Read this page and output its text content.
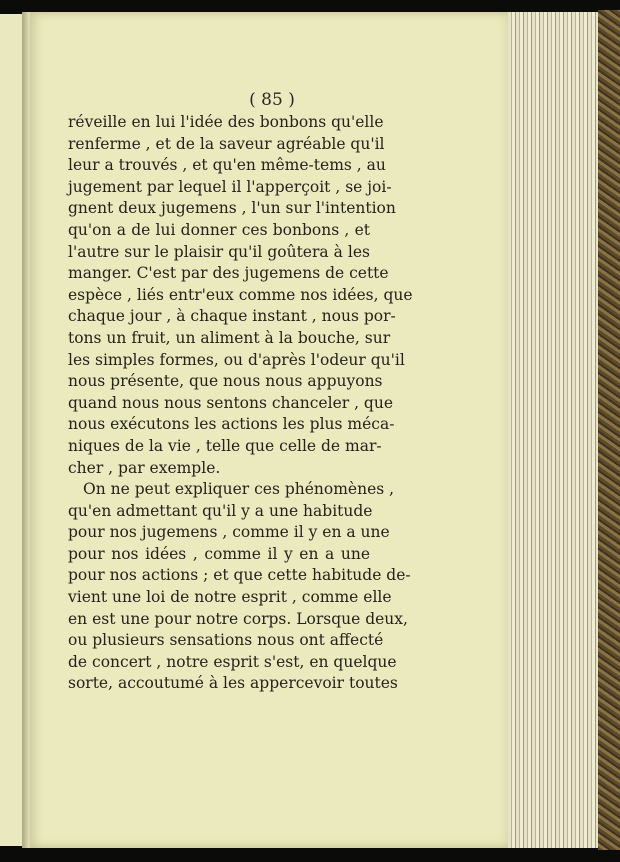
( 85 )
réveille en lui l'idée des bonbons qu'elle
renferme , et de la saveur agréable qu'il
leur a trouvés , et qu'en même-tems , au
jugement par lequel il l'apperçoit , se joi-
gnent deux jugemens , l'un sur l'intention
qu'on a de lui donner ces bonbons , et
l'autre sur le plaisir qu'il goûtera à les
manger. C'est par des jugemens de cette
espèce , liés entr'eux comme nos idées, que
chaque jour , à chaque instant , nous por-
tons un fruit, un aliment à la bouche, sur
les simples formes, ou d'après l'odeur qu'il
nous présente, que nous nous appuyons
quand nous nous sentons chanceler , que
nous exécutons les actions les plus méca-
niques de la vie , telle que celle de mar-
cher , par exemple.
On ne peut expliquer ces phénomènes ,
qu'en admettant qu'il y a une habitude
pour nos jugemens , comme il y en a une
pour nos idées , comme il y en a une
pour nos actions ; et que cette habitude de-
vient une loi de notre esprit , comme elle
en est une pour notre corps. Lorsque deux,
ou plusieurs sensations nous ont affecté
de concert , notre esprit s'est, en quelque
sorte, accoutumé à les appercevoir toutes
